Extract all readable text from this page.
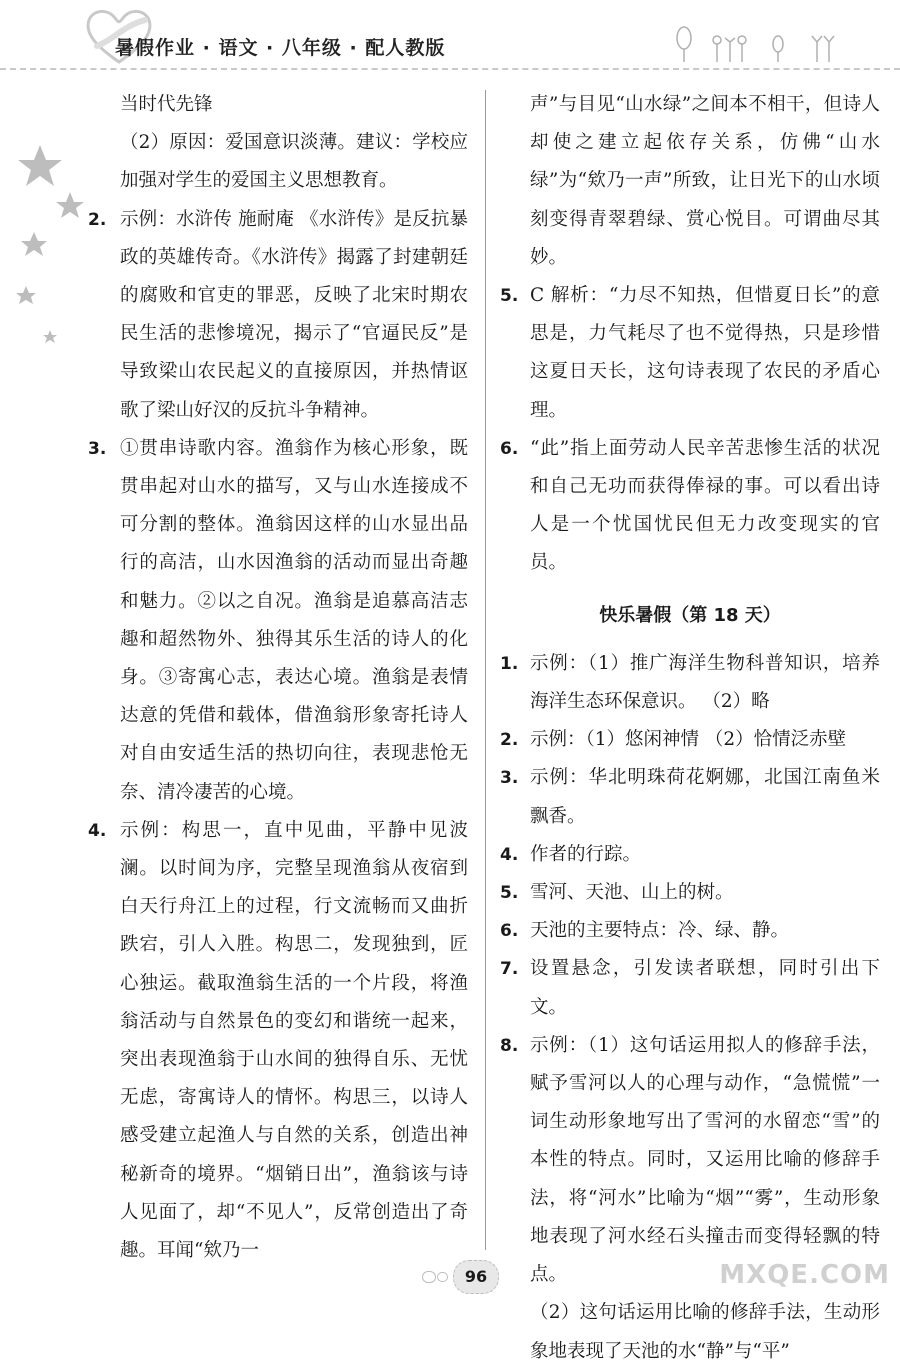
暑假作业 · 语文 · 八年级 · 配人教版

当时代先锋

（2）原因：爱国意识淡薄。建议：学校应加强对学生的爱国主义思想教育。

2. 示例：水浒传 施耐庵 《水浒传》是反抗暴政的英雄传奇。《水浒传》揭露了封建朝廷的腐败和官吏的罪恶，反映了北宋时期农民生活的悲惨境况，揭示了“官逼民反”是导致梁山农民起义的直接原因，并热情讴歌了梁山好汉的反抗斗争精神。

3. ①贯串诗歌内容。渔翁作为核心形象，既贯串起对山水的描写，又与山水连接成不可分割的整体。渔翁因这样的山水显出品行的高洁，山水因渔翁的活动而显出奇趣和魅力。②以之自况。渔翁是追慕高洁志趣和超然物外、独得其乐生活的诗人的化身。③寄寓心志，表达心境。渔翁是表情达意的凭借和载体，借渔翁形象寄托诗人对自由安适生活的热切向往，表现悲怆无奈、清冷凄苦的心境。

4. 示例：构思一，直中见曲，平静中见波澜。以时间为序，完整呈现渔翁从夜宿到白天行舟江上的过程，行文流畅而又曲折跌宕，引人入胜。构思二，发现独到，匠心独运。截取渔翁生活的一个片段，将渔翁活动与自然景色的变幻和谐统一起来，突出表现渔翁于山水间的独得自乐、无忧无虑，寄寓诗人的情怀。构思三，以诗人感受建立起渔人与自然的关系，创造出神秘新奇的境界。“烟销日出”，渔翁该与诗人见面了，却“不见人”，反常创造出了奇趣。耳闻“欸乃一

声”与目见“山水绿”之间本不相干，但诗人却使之建立起依存关系，仿佛“山水绿”为“欸乃一声”所致，让日光下的山水顷刻变得青翠碧绿、赏心悦目。可谓曲尽其妙。

5. C 解析：“力尽不知热，但惜夏日长”的意思是，力气耗尽了也不觉得热，只是珍惜这夏日天长，这句诗表现了农民的矛盾心理。

6. “此”指上面劳动人民辛苦悲惨生活的状况和自己无功而获得俸禄的事。可以看出诗人是一个忧国忧民但无力改变现实的官员。

快乐暑假（第 18 天）
1. 示例：（1）推广海洋生物科普知识，培养海洋生态环保意识。 （2）略

2. 示例：（1）悠闲神情 （2）恰情泛赤壁

3. 示例：华北明珠荷花婀娜，北国江南鱼米飘香。

4. 作者的行踪。

5. 雪河、天池、山上的树。

6. 天池的主要特点：冷、绿、静。

7. 设置悬念，引发读者联想，同时引出下文。

8. 示例：（1）这句话运用拟人的修辞手法，赋予雪河以人的心理与动作，“急慌慌”一词生动形象地写出了雪河的水留恋“雪”的本性的特点。同时，又运用比喻的修辞手法，将“河水”比喻为“烟”“雾”，生动形象地表现了河水经石头撞击而变得轻飘的特点。

（2）这句话运用比喻的修辞手法，生动形象地表现了天池的水“静”与“平”

96	MXQE.COM
